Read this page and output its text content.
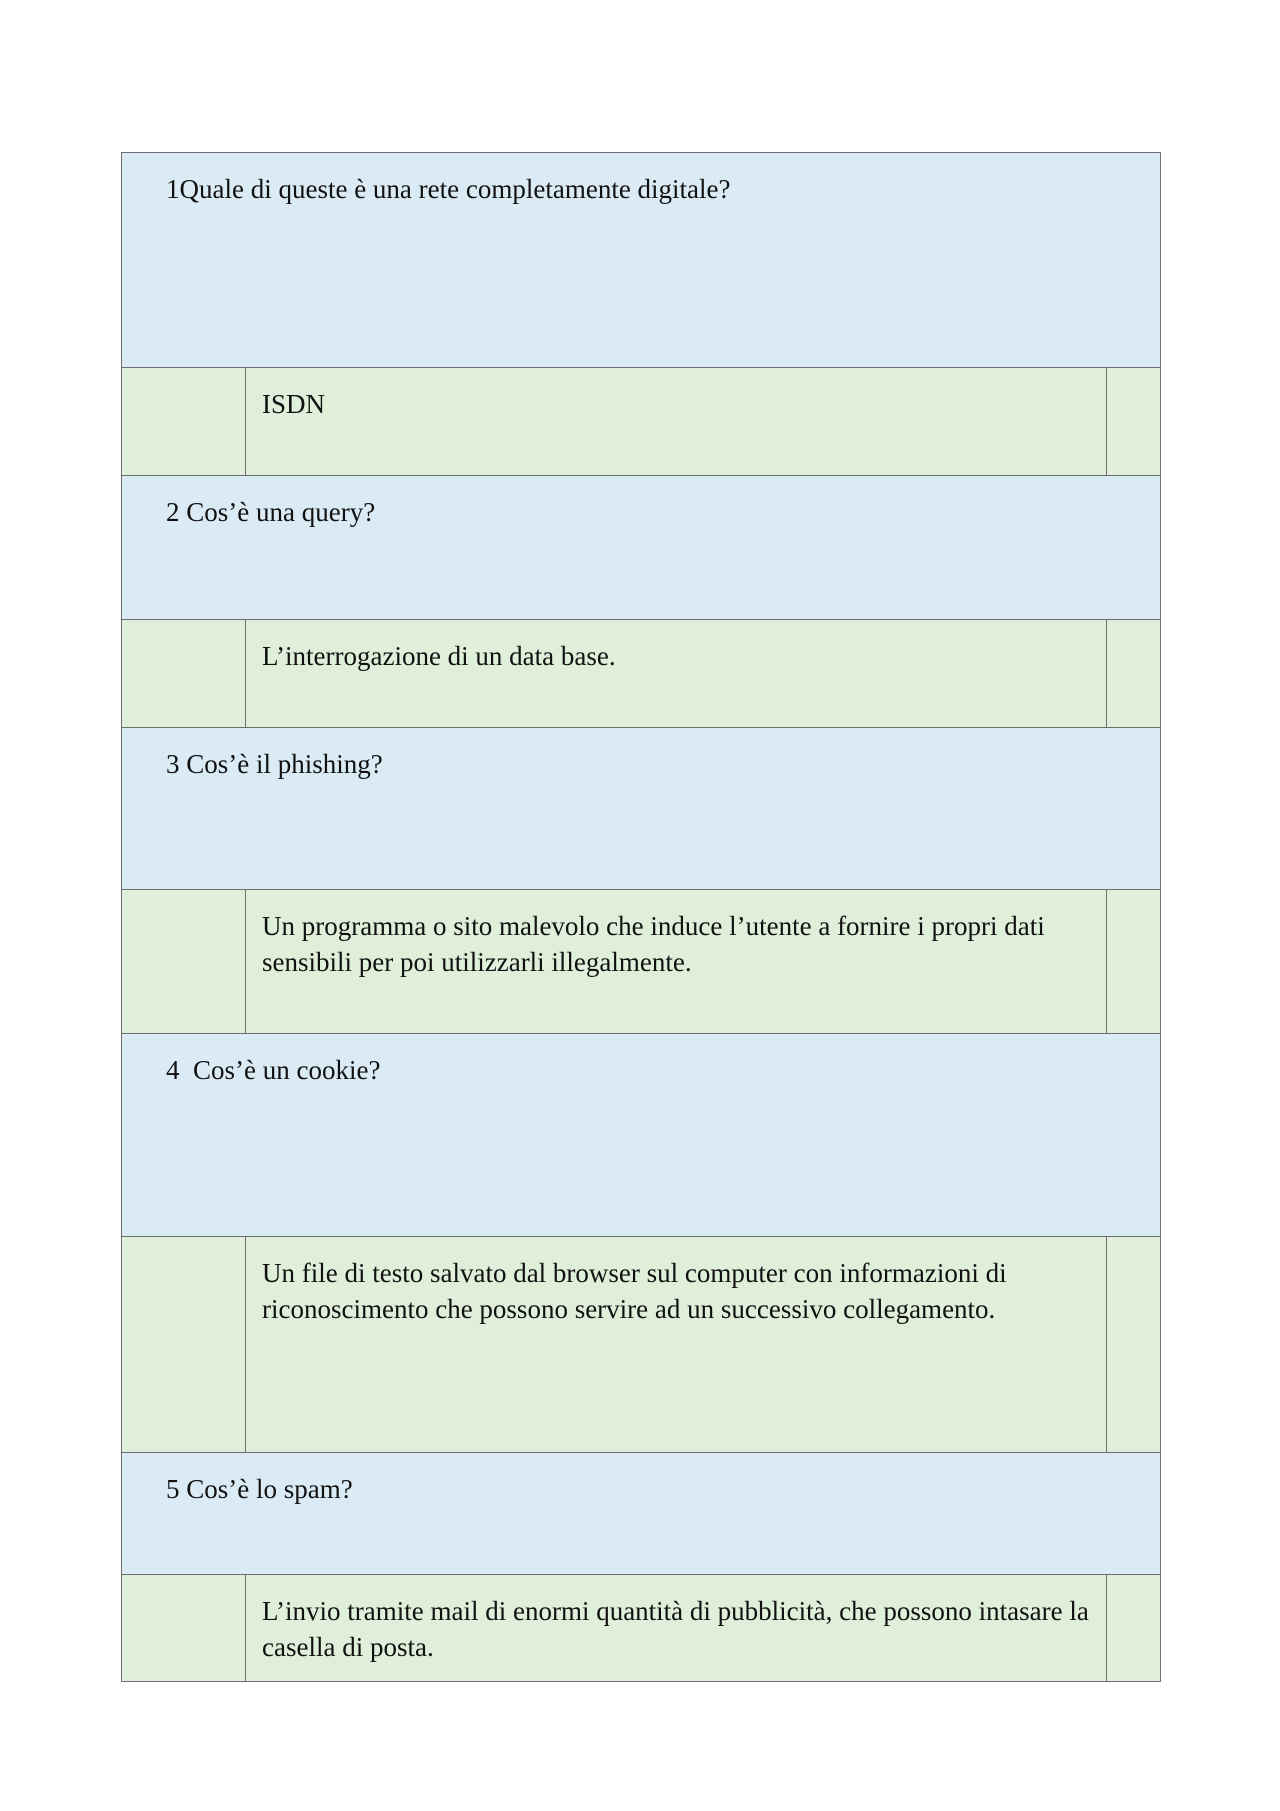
1Quale di queste è una rete completamente digitale?
ISDN
2 Cos’è una query?
L’interrogazione di un data base.
3 Cos’è il phishing?
Un programma o sito malevolo che induce l’utente a fornire i propri dati sensibili per poi utilizzarli illegalmente.
4  Cos’è un cookie?
Un file di testo salvato dal browser sul computer con informazioni di riconoscimento che possono servire ad un successivo collegamento.
5 Cos’è lo spam?
L’invio tramite mail di enormi quantità di pubblicità, che possono intasare la casella di posta.
